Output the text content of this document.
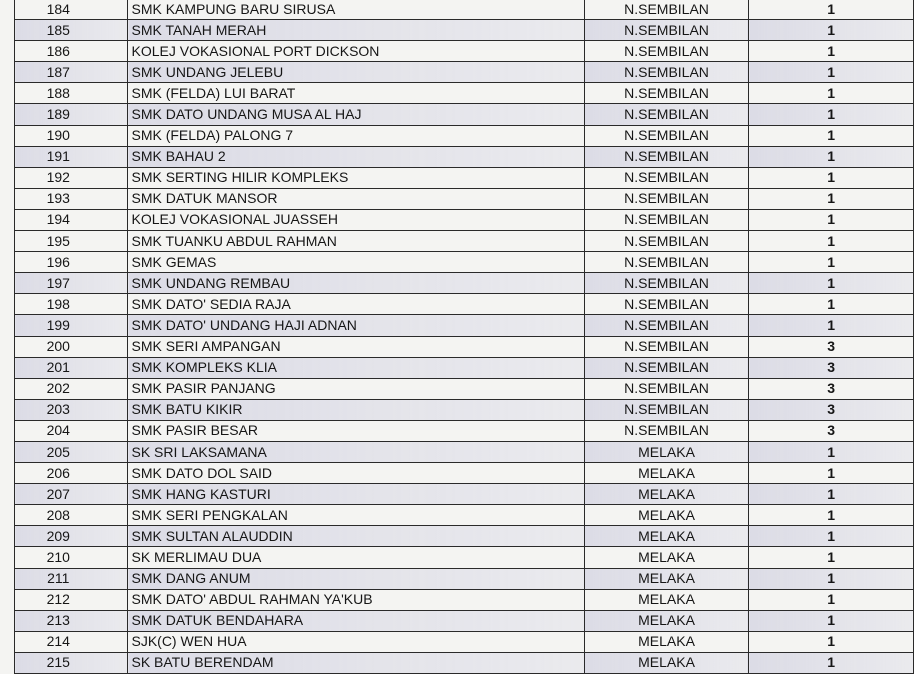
184	SMK KAMPUNG BARU SIRUSA	N.SEMBILAN	1
185	SMK TANAH MERAH	N.SEMBILAN	1
186	KOLEJ VOKASIONAL PORT DICKSON	N.SEMBILAN	1
187	SMK UNDANG JELEBU	N.SEMBILAN	1
188	SMK (FELDA) LUI BARAT	N.SEMBILAN	1
189	SMK DATO UNDANG MUSA AL HAJ	N.SEMBILAN	1
190	SMK (FELDA) PALONG 7	N.SEMBILAN	1
191	SMK BAHAU 2	N.SEMBILAN	1
192	SMK SERTING HILIR KOMPLEKS	N.SEMBILAN	1
193	SMK DATUK MANSOR	N.SEMBILAN	1
194	KOLEJ VOKASIONAL JUASSEH	N.SEMBILAN	1
195	SMK TUANKU ABDUL RAHMAN	N.SEMBILAN	1
196	SMK GEMAS	N.SEMBILAN	1
197	SMK UNDANG REMBAU	N.SEMBILAN	1
198	SMK DATO' SEDIA RAJA	N.SEMBILAN	1
199	SMK DATO' UNDANG HAJI ADNAN	N.SEMBILAN	1
200	SMK SERI AMPANGAN	N.SEMBILAN	3
201	SMK KOMPLEKS KLIA	N.SEMBILAN	3
202	SMK PASIR PANJANG	N.SEMBILAN	3
203	SMK BATU KIKIR	N.SEMBILAN	3
204	SMK PASIR BESAR	N.SEMBILAN	3
205	SK SRI LAKSAMANA	MELAKA	1
206	SMK DATO DOL SAID	MELAKA	1
207	SMK HANG KASTURI	MELAKA	1
208	SMK SERI PENGKALAN	MELAKA	1
209	SMK SULTAN ALAUDDIN	MELAKA	1
210	SK MERLIMAU DUA	MELAKA	1
211	SMK DANG ANUM	MELAKA	1
212	SMK DATO' ABDUL RAHMAN YA'KUB	MELAKA	1
213	SMK DATUK BENDAHARA	MELAKA	1
214	SJK(C) WEN HUA	MELAKA	1
215	SK BATU BERENDAM	MELAKA	1
